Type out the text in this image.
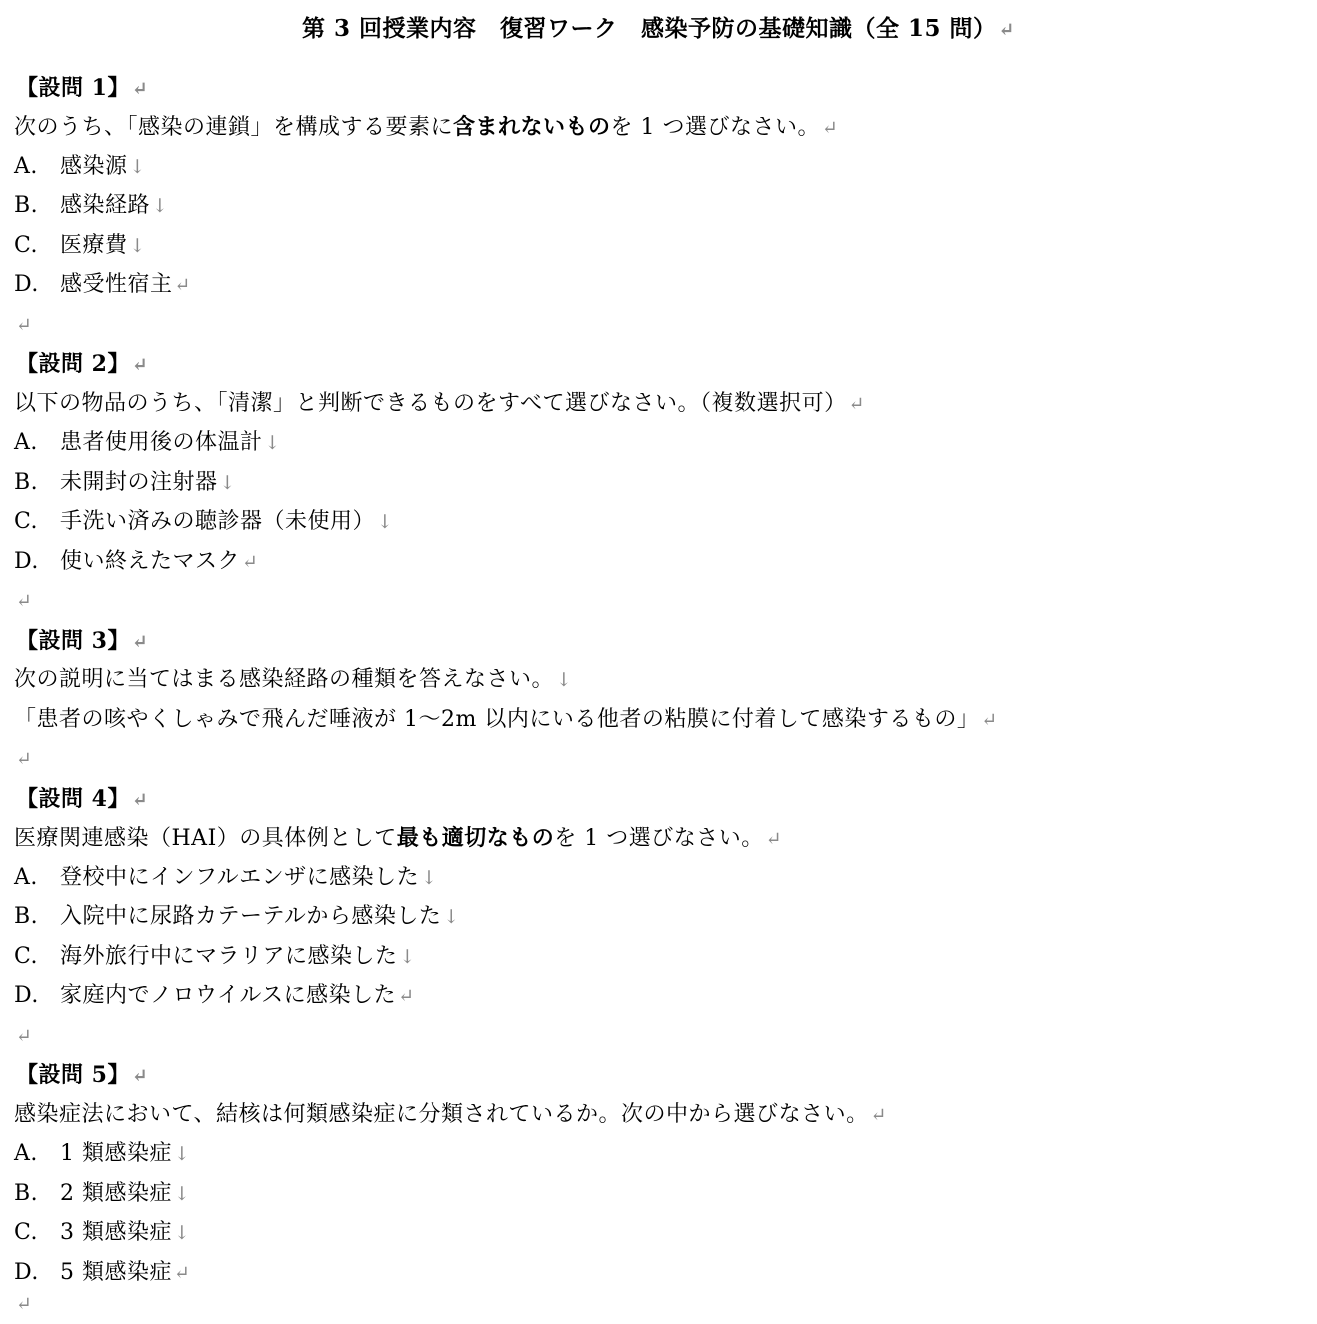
第 3 回授業内容　復習ワーク　感染予防の基礎知識（全 15 問） ↵
【設問 1】 ↵
次のうち、「感染の連鎖」を構成する要素に含まれないものを 1 つ選びなさい。 ↵
A. 感染源 ↓
B. 感染経路 ↓
C. 医療費 ↓
D. 感受性宿主 ↵
↵
【設問 2】 ↵
以下の物品のうち、「清潔」と判断できるものをすべて選びなさい。（複数選択可） ↵
A. 患者使用後の体温計 ↓
B. 未開封の注射器 ↓
C. 手洗い済みの聴診器（未使用） ↓
D. 使い終えたマスク ↵
↵
【設問 3】 ↵
次の説明に当てはまる感染経路の種類を答えなさい。 ↓
「患者の咳やくしゃみで飛んだ唾液が 1〜2m 以内にいる他者の粘膜に付着して感染するもの」 ↵
↵
【設問 4】 ↵
医療関連感染（HAI）の具体例として最も適切なものを 1 つ選びなさい。 ↵
A. 登校中にインフルエンザに感染した ↓
B. 入院中に尿路カテーテルから感染した ↓
C. 海外旅行中にマラリアに感染した ↓
D. 家庭内でノロウイルスに感染した ↵
↵
【設問 5】 ↵
感染症法において、結核は何類感染症に分類されているか。次の中から選びなさい。 ↵
A. 1 類感染症 ↓
B. 2 類感染症 ↓
C. 3 類感染症 ↓
D. 5 類感染症 ↵
↵
